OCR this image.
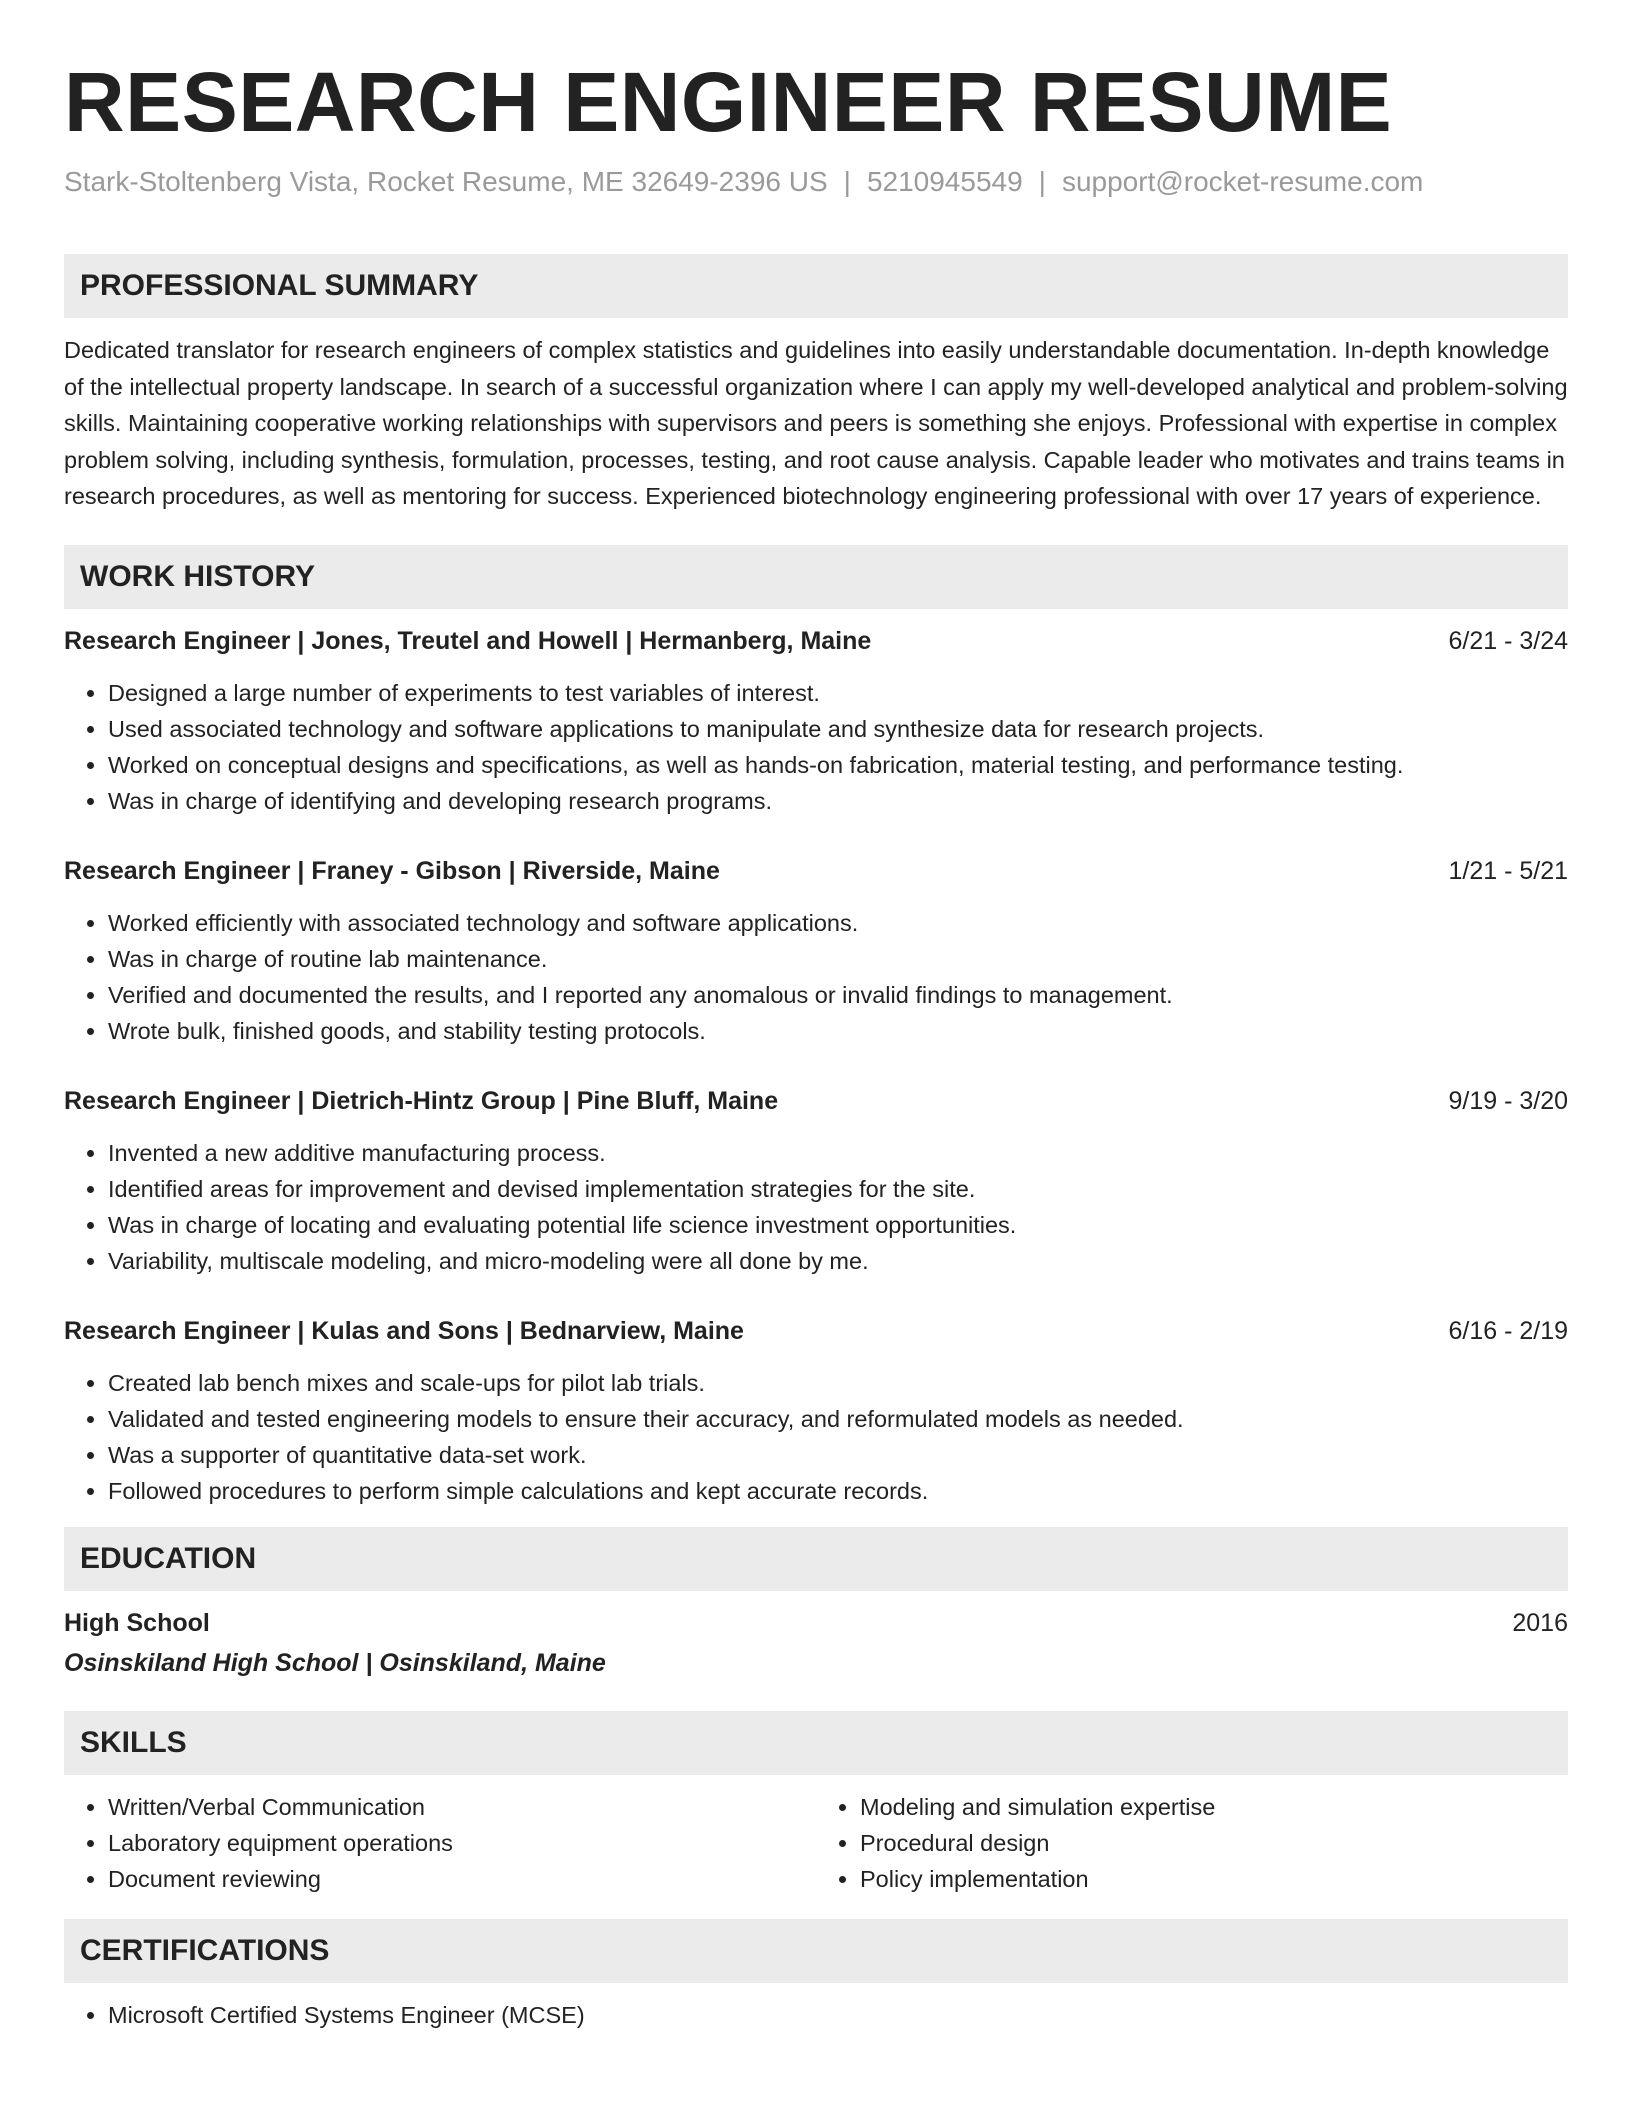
RESEARCH ENGINEER RESUME
Stark-Stoltenberg Vista, Rocket Resume, ME 32649-2396 US | 5210945549 | support@rocket-resume.com
PROFESSIONAL SUMMARY

Dedicated translator for research engineers of complex statistics and guidelines into easily understandable documentation. In-depth knowledge of the intellectual property landscape. In search of a successful organization where I can apply my well-developed analytical and problem-solving skills. Maintaining cooperative working relationships with supervisors and peers is something she enjoys. Professional with expertise in complex problem solving, including synthesis, formulation, processes, testing, and root cause analysis. Capable leader who motivates and trains teams in research procedures, as well as mentoring for success. Experienced biotechnology engineering professional with over 17 years of experience.

WORK HISTORY
Research Engineer | Jones, Treutel and Howell | Hermanberg, Maine	6/21 - 3/24
• Designed a large number of experiments to test variables of interest.
• Used associated technology and software applications to manipulate and synthesize data for research projects.
• Worked on conceptual designs and specifications, as well as hands-on fabrication, material testing, and performance testing.
• Was in charge of identifying and developing research programs.
Research Engineer | Franey - Gibson | Riverside, Maine	1/21 - 5/21
• Worked efficiently with associated technology and software applications.
• Was in charge of routine lab maintenance.
• Verified and documented the results, and I reported any anomalous or invalid findings to management.
• Wrote bulk, finished goods, and stability testing protocols.
Research Engineer | Dietrich-Hintz Group | Pine Bluff, Maine	9/19 - 3/20
• Invented a new additive manufacturing process.
• Identified areas for improvement and devised implementation strategies for the site.
• Was in charge of locating and evaluating potential life science investment opportunities.
• Variability, multiscale modeling, and micro-modeling were all done by me.
Research Engineer | Kulas and Sons | Bednarview, Maine	6/16 - 2/19
• Created lab bench mixes and scale-ups for pilot lab trials.
• Validated and tested engineering models to ensure their accuracy, and reformulated models as needed.
• Was a supporter of quantitative data-set work.
• Followed procedures to perform simple calculations and kept accurate records.
EDUCATION
High School	2016
Osinskiland High School | Osinskiland, Maine
SKILLS
• Written/Verbal Communication
• Laboratory equipment operations
• Document reviewing
• Modeling and simulation expertise
• Procedural design
• Policy implementation
CERTIFICATIONS
• Microsoft Certified Systems Engineer (MCSE)
